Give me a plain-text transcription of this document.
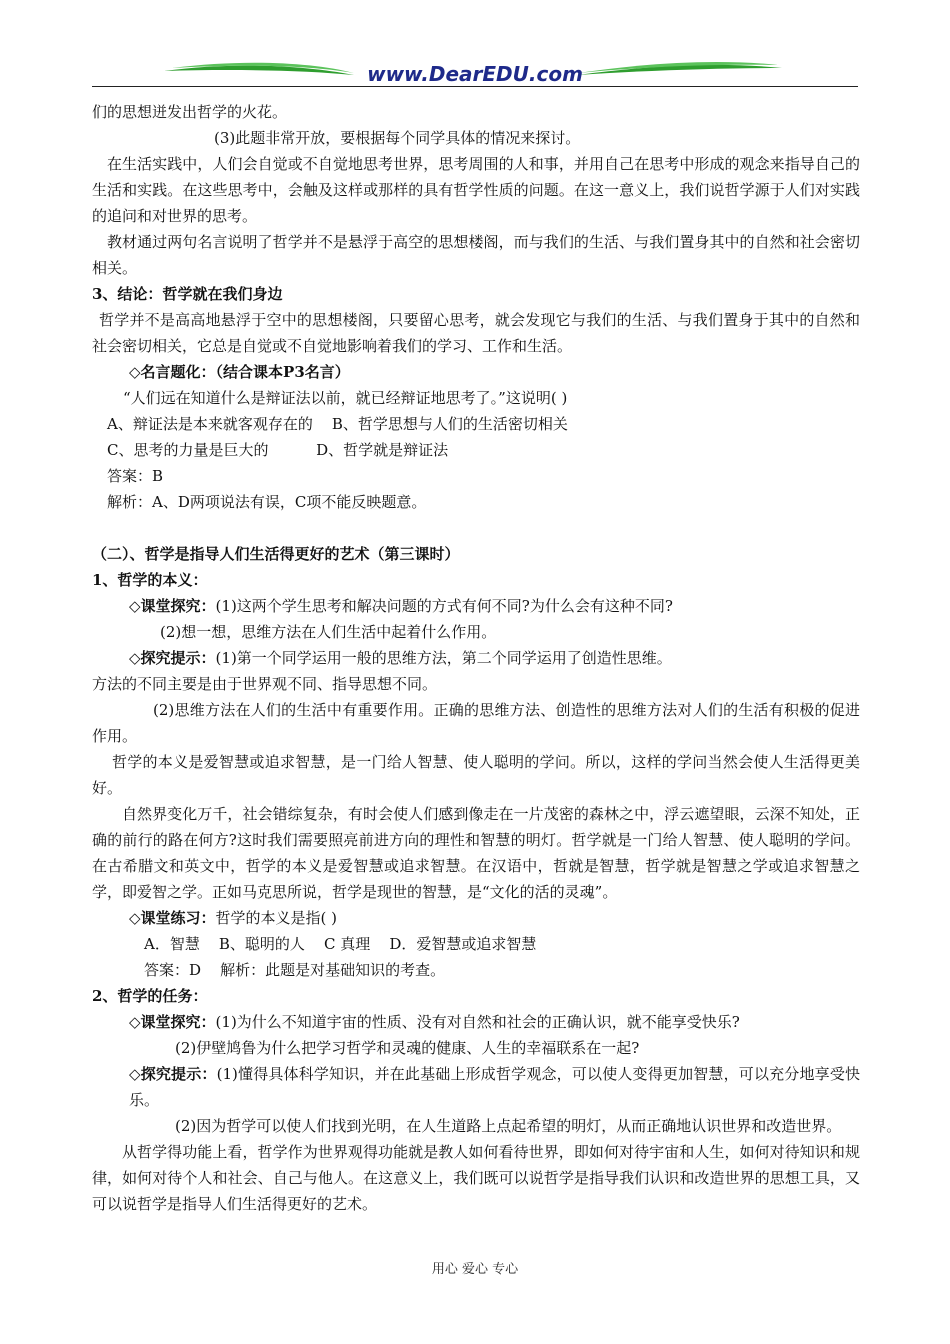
www.DearEDU.com

们的思想迸发出哲学的火花。

(3)此题非常开放，要根据每个同学具体的情况来探讨。

在生活实践中，人们会自觉或不自觉地思考世界，思考周围的人和事，并用自己在思考中形成的观念来指导自己的生活和实践。在这些思考中，会触及这样或那样的具有哲学性质的问题。在这一意义上，我们说哲学源于人们对实践的追问和对世界的思考。

教材通过两句名言说明了哲学并不是悬浮于高空的思想楼阁，而与我们的生活、与我们置身其中的自然和社会密切相关。

3、结论：哲学就在我们身边

哲学并不是高高地悬浮于空中的思想楼阁，只要留心思考，就会发现它与我们的生活、与我们置身于其中的自然和社会密切相关，它总是自觉或不自觉地影响着我们的学习、工作和生活。

◇名言题化：（结合课本P3名言）

“人们远在知道什么是辩证法以前，就已经辩证地思考了。”这说明( )

A、辩证法是本来就客观存在的    B、哲学思想与人们的生活密切相关

C、思考的力量是巨大的          D、哲学就是辩证法

答案：B

解析：A、D两项说法有误，C项不能反映题意。

（二）、哲学是指导人们生活得更好的艺术（第三课时）

1、哲学的本义：

◇课堂探究：(1)这两个学生思考和解决问题的方式有何不同?为什么会有这种不同?

(2)想一想，思维方法在人们生活中起着什么作用。

◇探究提示：(1)第一个同学运用一般的思维方法，第二个同学运用了创造性思维。

方法的不同主要是由于世界观不同、指导思想不同。

(2)思维方法在人们的生活中有重要作用。正确的思维方法、创造性的思维方法对人们的生活有积极的促进作用。

哲学的本义是爱智慧或追求智慧，是一门给人智慧、使人聪明的学问。所以，这样的学问当然会使人生活得更美好。

自然界变化万千，社会错综复杂，有时会使人们感到像走在一片茂密的森林之中，浮云遮望眼，云深不知处，正确的前行的路在何方?这时我们需要照亮前进方向的理性和智慧的明灯。哲学就是一门给人智慧、使人聪明的学问。在古希腊文和英文中，哲学的本义是爱智慧或追求智慧。在汉语中，哲就是智慧，哲学就是智慧之学或追求智慧之学，即爱智之学。正如马克思所说，哲学是现世的智慧，是“文化的活的灵魂”。

◇课堂练习：哲学的本义是指( )

A．智慧    B、聪明的人    C 真理    D．爱智慧或追求智慧

答案：D    解析：此题是对基础知识的考查。

2、哲学的任务：

◇课堂探究：(1)为什么不知道宇宙的性质、没有对自然和社会的正确认识，就不能享受快乐?

(2)伊壁鸠鲁为什么把学习哲学和灵魂的健康、人生的幸福联系在一起?

◇探究提示：(1)懂得具体科学知识，并在此基础上形成哲学观念，可以使人变得更加智慧，可以充分地享受快乐。

(2)因为哲学可以使人们找到光明，在人生道路上点起希望的明灯，从而正确地认识世界和改造世界。

从哲学得功能上看，哲学作为世界观得功能就是教人如何看待世界，即如何对待宇宙和人生，如何对待知识和规律，如何对待个人和社会、自己与他人。在这意义上，我们既可以说哲学是指导我们认识和改造世界的思想工具，又可以说哲学是指导人们生活得更好的艺术。

用心 爱心 专心
